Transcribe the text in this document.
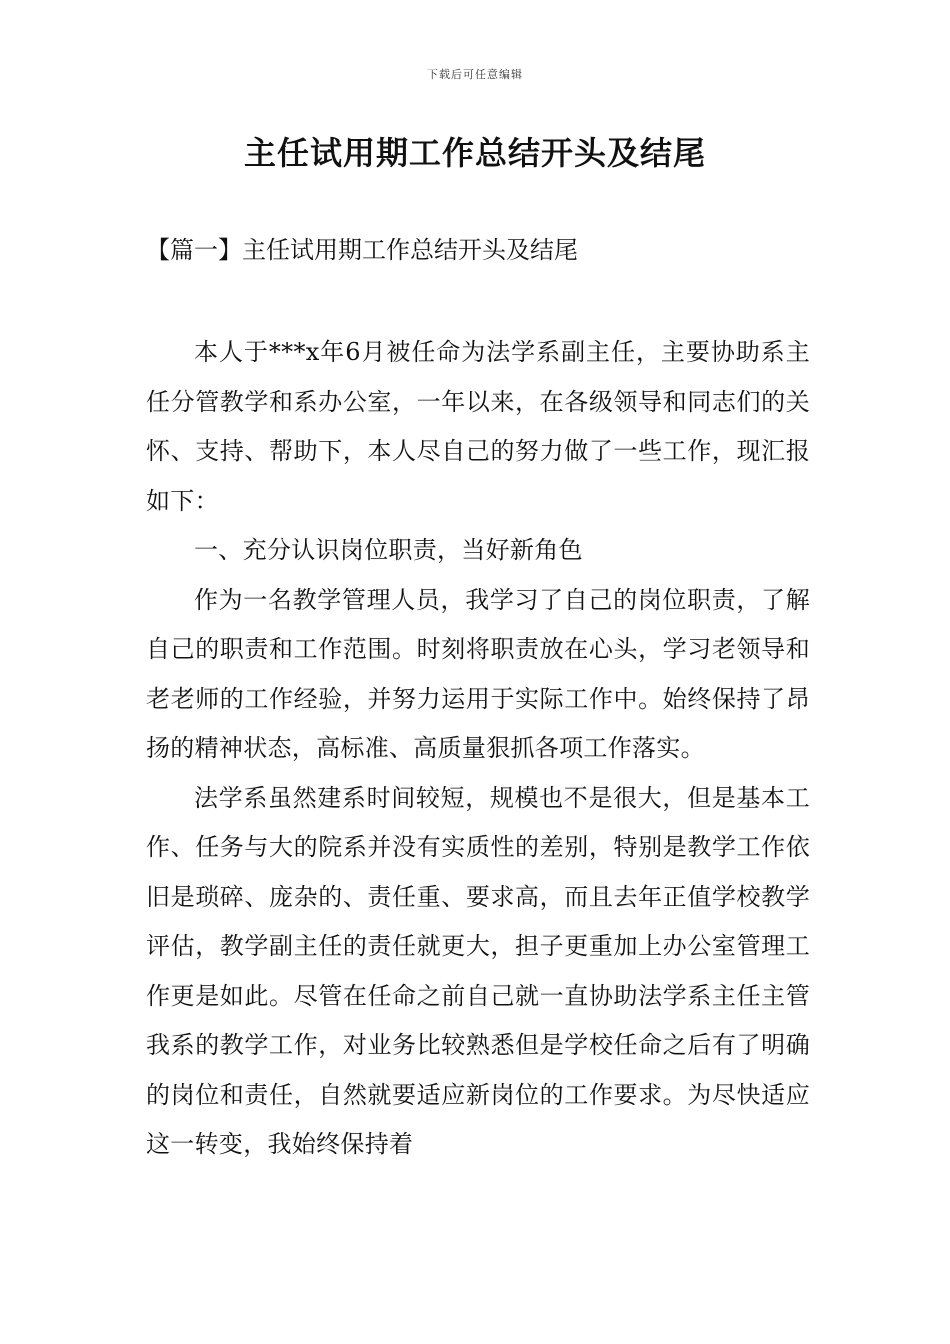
下载后可任意编辑
主任试用期工作总结开头及结尾
【篇一】主任试用期工作总结开头及结尾

本人于***x年6月被任命为法学系副主任，主要协助系主任分管教学和系办公室，一年以来，在各级领导和同志们的关怀、支持、帮助下，本人尽自己的努力做了一些工作，现汇报如下：

一、充分认识岗位职责，当好新角色

作为一名教学管理人员，我学习了自己的岗位职责，了解自己的职责和工作范围。时刻将职责放在心头，学习老领导和老老师的工作经验，并努力运用于实际工作中。始终保持了昂扬的精神状态，高标准、高质量狠抓各项工作落实。

法学系虽然建系时间较短，规模也不是很大，但是基本工作、任务与大的院系并没有实质性的差别，特别是教学工作依旧是琐碎、庞杂的、责任重、要求高，而且去年正值学校教学评估，教学副主任的责任就更大，担子更重加上办公室管理工作更是如此。尽管在任命之前自己就一直协助法学系主任主管我系的教学工作，对业务比较熟悉但是学校任命之后有了明确的岗位和责任，自然就要适应新岗位的工作要求。为尽快适应这一转变，我始终保持着
